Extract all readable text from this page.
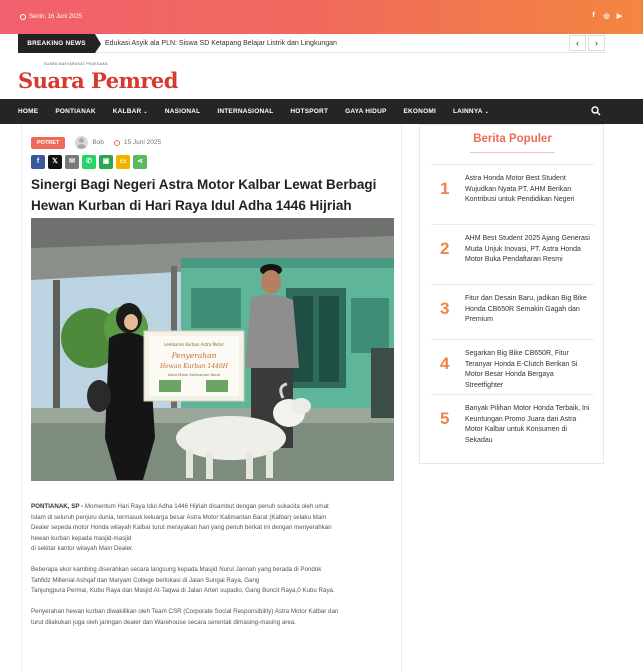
Senin, 16 Juni 2025	f	◎ ▶
BREAKING NEWS	Edukasi Asyik ala PLN: Siswa SD Ketapang Belajar Listrik dan Lingkungan	‹	›
SUARA MASYARAKAT PEDESAAN
Suara Pemred
HOME	PONTIANAK	KALBAR ⌄	NASIONAL	INTERNASIONAL	HOTSPORT	GAYA HIDUP	EKONOMI	LAINNYA ⌄
POTRET	Bob	15 Juni 2025
f	𝕏	✉	✆	▣	▭	⋖
Sinergi Bagi Negeri Astra Motor Kalbar Lewat Berbagi Hewan Kurban di Hari Raya Idul Adha 1446 Hijriah
Lembaran Kurban Astra Motor
Penyerahan
Hewan Kurban 1446H
Astra Motor Kalimantan Barat

PONTIANAK, SP - Momentum Hari Raya Idul Adha 1446 Hijriah disambut dengan penuh sukacita oleh umat
Islam di seluruh penjuru dunia, termasuk keluarga besar Astra Motor Kalimantan Barat (Kalbar) selaku Main
Dealer sepeda motor Honda wilayah Kalbar turut merayakan hari yang penuh berkat ini dengan menyerahkan
hewan kurban kepada masjid-masjid
di sekitar kantor wilayah Main Dealer.

Beberapa ekor kambing diserahkan secara langsung kepada Masjid Nurul Jannah yang berada di Pondok
Tahfidz Millenial Ashqaf dan Maryam College berlokasi di Jalan Sungai Raya, Gang
Tanjungpura Permai, Kubu Raya dan Masjid At-Taqwa di Jalan Arteri supadio, Gang Buncit Raya,0 Kubu Raya.

Penyerahan hewan kurban diwakilikan oleh Team CSR (Corporate Social Responsibility) Astra Motor Kalbar dan
turut dilakukan juga oleh jaringan dealer dan Warehouse secara serentak dimasing-masing area.

Berita Populer
1
Astra Honda Motor Best Student Wujudkan Nyata PT. AHM Berikan Kontribusi untuk Pendidikan Negeri
2
AHM Best Student 2025 Ajang Generasi Muda Unjuk Inovasi, PT. Astra Honda Motor Buka Pendaftaran Resmi
3
Fitur dan Desain Baru, jadikan Big Bike Honda CB650R Semakin Gagah dan Premium
4
Segarkan Big Bike CB650R, Fitur Teranyar Honda E-Clutch Berikan Si Motor Besar Honda Bergaya Streetfighter
5
Banyak Pilihan Motor Honda Terbaik, Ini Keuntungan Promo Juara dari Astra Motor Kalbar untuk Konsumen di Sekadau
